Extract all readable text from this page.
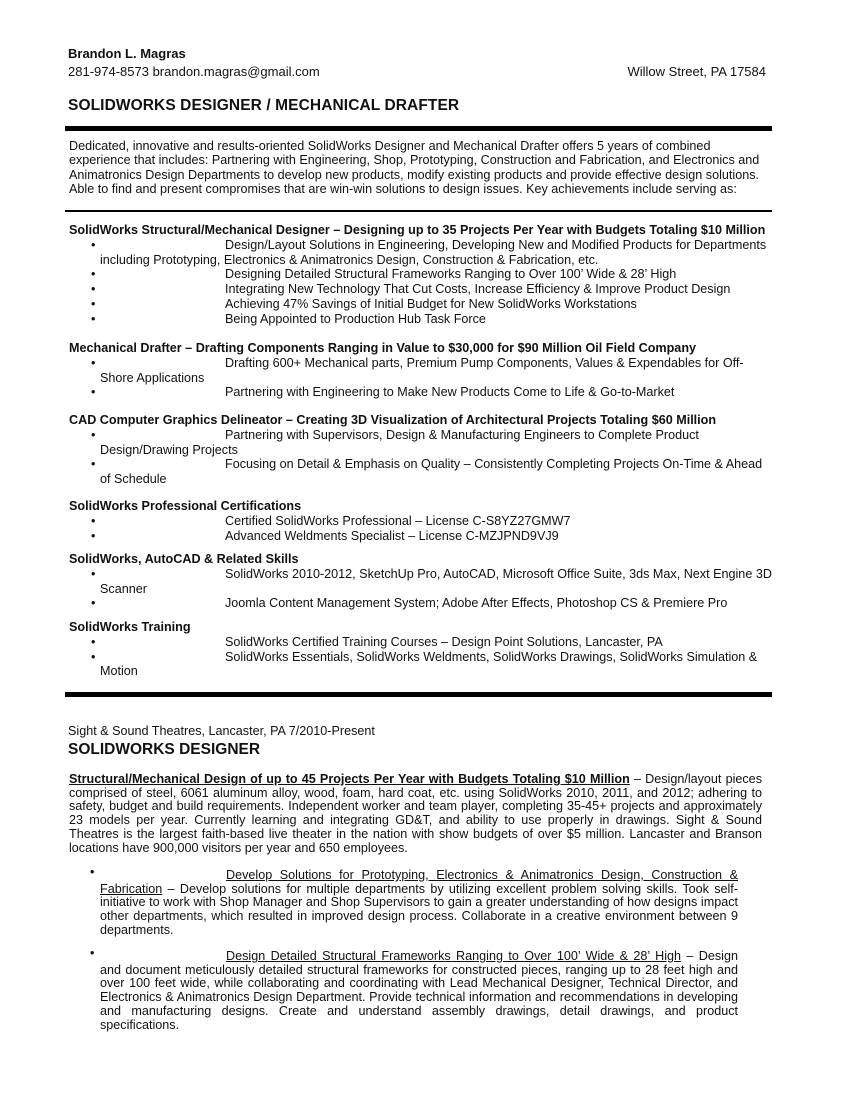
Brandon L. Magras
281-974-8573 brandon.magras@gmail.com	Willow Street, PA 17584
SOLIDWORKS DESIGNER / MECHANICAL DRAFTER

Dedicated, innovative and results-oriented SolidWorks Designer and Mechanical Drafter offers 5 years of combined

experience that includes: Partnering with Engineering, Shop, Prototyping, Construction and Fabrication, and Electronics and

Animatronics Design Departments to develop new products, modify existing products and provide effective design solutions.

Able to find and present compromises that are win-win solutions to design issues. Key achievements include serving as:

SolidWorks Structural/Mechanical Designer – Designing up to 35 Projects Per Year with Budgets Totaling $10 Million

•	Design/Layout Solutions in Engineering, Developing New and Modified Products for Departments
including Prototyping, Electronics & Animatronics Design, Construction & Fabrication, etc.
•	Designing Detailed Structural Frameworks Ranging to Over 100’ Wide & 28’ High
•	Integrating New Technology That Cut Costs, Increase Efficiency & Improve Product Design
•	Achieving 47% Savings of Initial Budget for New SolidWorks Workstations
•	Being Appointed to Production Hub Task Force

Mechanical Drafter – Drafting Components Ranging in Value to $30,000 for $90 Million Oil Field Company

•	Drafting 600+ Mechanical parts, Premium Pump Components, Values & Expendables for Off-
Shore Applications
•	Partnering with Engineering to Make New Products Come to Life & Go-to-Market

CAD Computer Graphics Delineator – Creating 3D Visualization of Architectural Projects Totaling $60 Million

•	Partnering with Supervisors, Design & Manufacturing Engineers to Complete Product
Design/Drawing Projects
•	Focusing on Detail & Emphasis on Quality – Consistently Completing Projects On-Time & Ahead
of Schedule

SolidWorks Professional Certifications

•	Certified SolidWorks Professional – License C-S8YZ27GMW7
•	Advanced Weldments Specialist – License C-MZJPND9VJ9

SolidWorks, AutoCAD & Related Skills

•	SolidWorks 2010-2012, SketchUp Pro, AutoCAD, Microsoft Office Suite, 3ds Max, Next Engine 3D
Scanner
•	Joomla Content Management System; Adobe After Effects, Photoshop CS & Premiere Pro

SolidWorks Training

•	SolidWorks Certified Training Courses – Design Point Solutions, Lancaster, PA
•	SolidWorks Essentials, SolidWorks Weldments, SolidWorks Drawings, SolidWorks Simulation &
Motion
Sight & Sound Theatres, Lancaster, PA 7/2010-Present
SOLIDWORKS DESIGNER

Structural/Mechanical Design of up to 45 Projects Per Year with Budgets Totaling $10 Million – Design/layout pieces

comprised of steel, 6061 aluminum alloy, wood, foam, hard coat, etc. using SolidWorks 2010, 2011, and 2012; adhering to

safety, budget and build requirements. Independent worker and team player, completing 35-45+ projects and approximately

23 models per year. Currently learning and integrating GD&T, and ability to use properly in drawings. Sight & Sound

Theatres is the largest faith-based live theater in the nation with show budgets of over $5 million. Lancaster and Branson

locations have 900,000 visitors per year and 650 employees.

•	Develop Solutions for Prototyping, Electronics & Animatronics Design, Construction &

Fabrication – Develop solutions for multiple departments by utilizing excellent problem solving skills. Took self-

initiative to work with Shop Manager and Shop Supervisors to gain a greater understanding of how designs impact

other departments, which resulted in improved design process. Collaborate in a creative environment between 9

departments.

•	Design Detailed Structural Frameworks Ranging to Over 100’ Wide & 28’ High – Design

and document meticulously detailed structural frameworks for constructed pieces, ranging up to 28 feet high and

over 100 feet wide, while collaborating and coordinating with Lead Mechanical Designer, Technical Director, and

Electronics & Animatronics Design Department. Provide technical information and recommendations in developing

and manufacturing designs. Create and understand assembly drawings, detail drawings, and product

specifications.
